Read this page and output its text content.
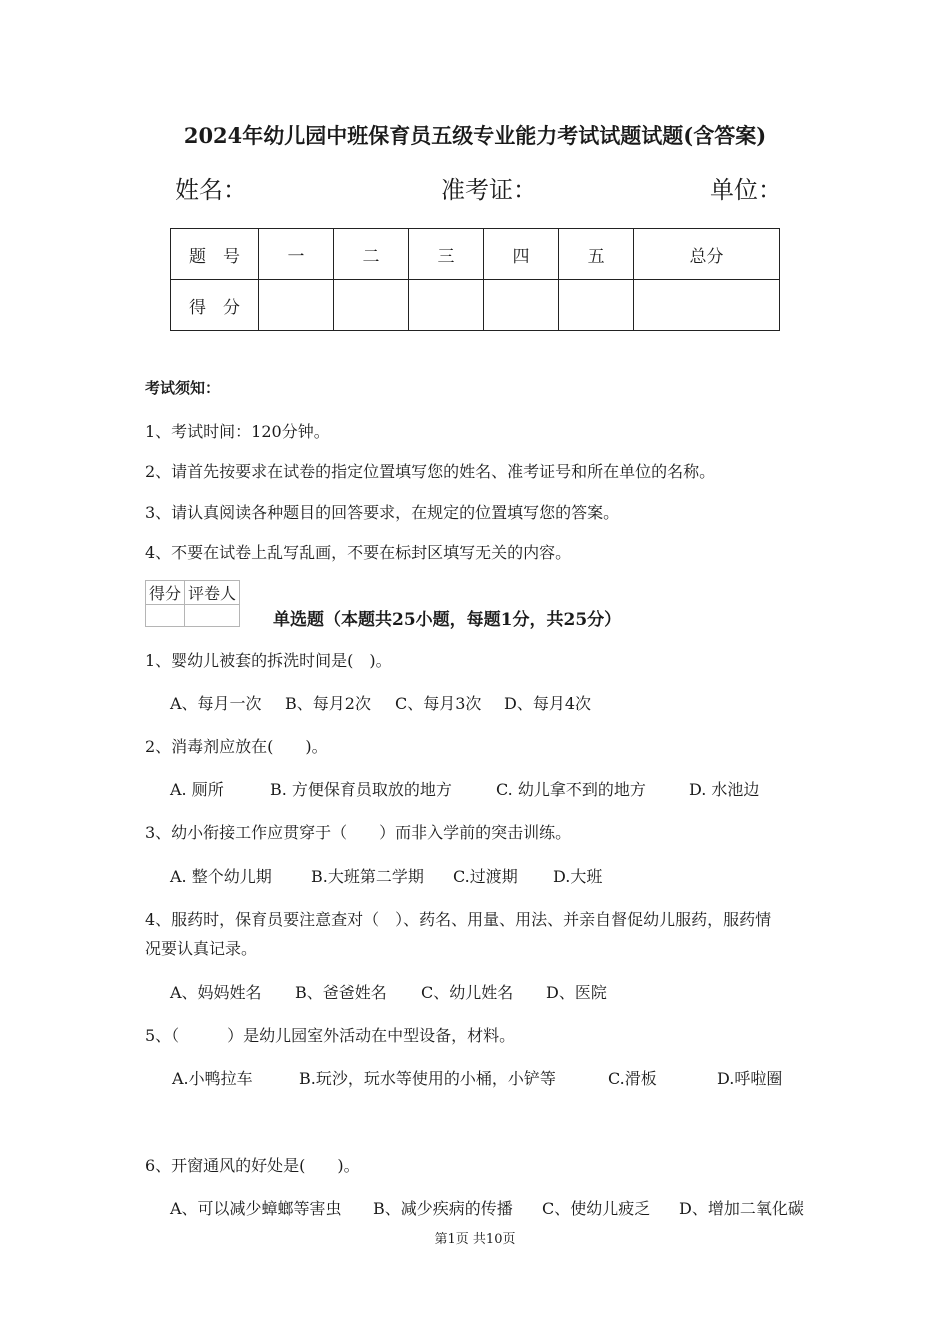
2024年幼儿园中班保育员五级专业能力考试试题试题(含答案)
姓名：	准考证：	单位：
题　号	一	二	三	四	五	总分
得　分						
考试须知：
1、考试时间：120分钟。
2、请首先按要求在试卷的指定位置填写您的姓名、准考证号和所在单位的名称。
3、请认真阅读各种题目的回答要求，在规定的位置填写您的答案。
4、不要在试卷上乱写乱画，不要在标封区填写无关的内容。
得分	评卷人

单选题（本题共25小题，每题1分，共25分）
1、婴幼儿被套的拆洗时间是(　)。
A、每月一次 B、每月2次 C、每月3次 D、每月4次
2、消毒剂应放在(　　)。
A. 厕所	B. 方便保育员取放的地方	C. 幼儿拿不到的地方	D. 水池边
3、幼小衔接工作应贯穿于（　　）而非入学前的突击训练。
A. 整个幼儿期 B.大班第二学期 C.过渡期 D.大班
4、服药时，保育员要注意查对（　）、药名、用量、用法、并亲自督促幼儿服药，服药情
况要认真记录。
A、妈妈姓名 B、爸爸姓名 C、幼儿姓名 D、医院
5、（　　　）是幼儿园室外活动在中型设备，材料。
A.小鸭拉车	B.玩沙，玩水等使用的小桶，小铲等	C.滑板	D.呼啦圈
6、开窗通风的好处是(　　)。
A、可以减少蟑螂等害虫 B、减少疾病的传播 C、使幼儿疲乏 D、增加二氧化碳
第1页 共10页
